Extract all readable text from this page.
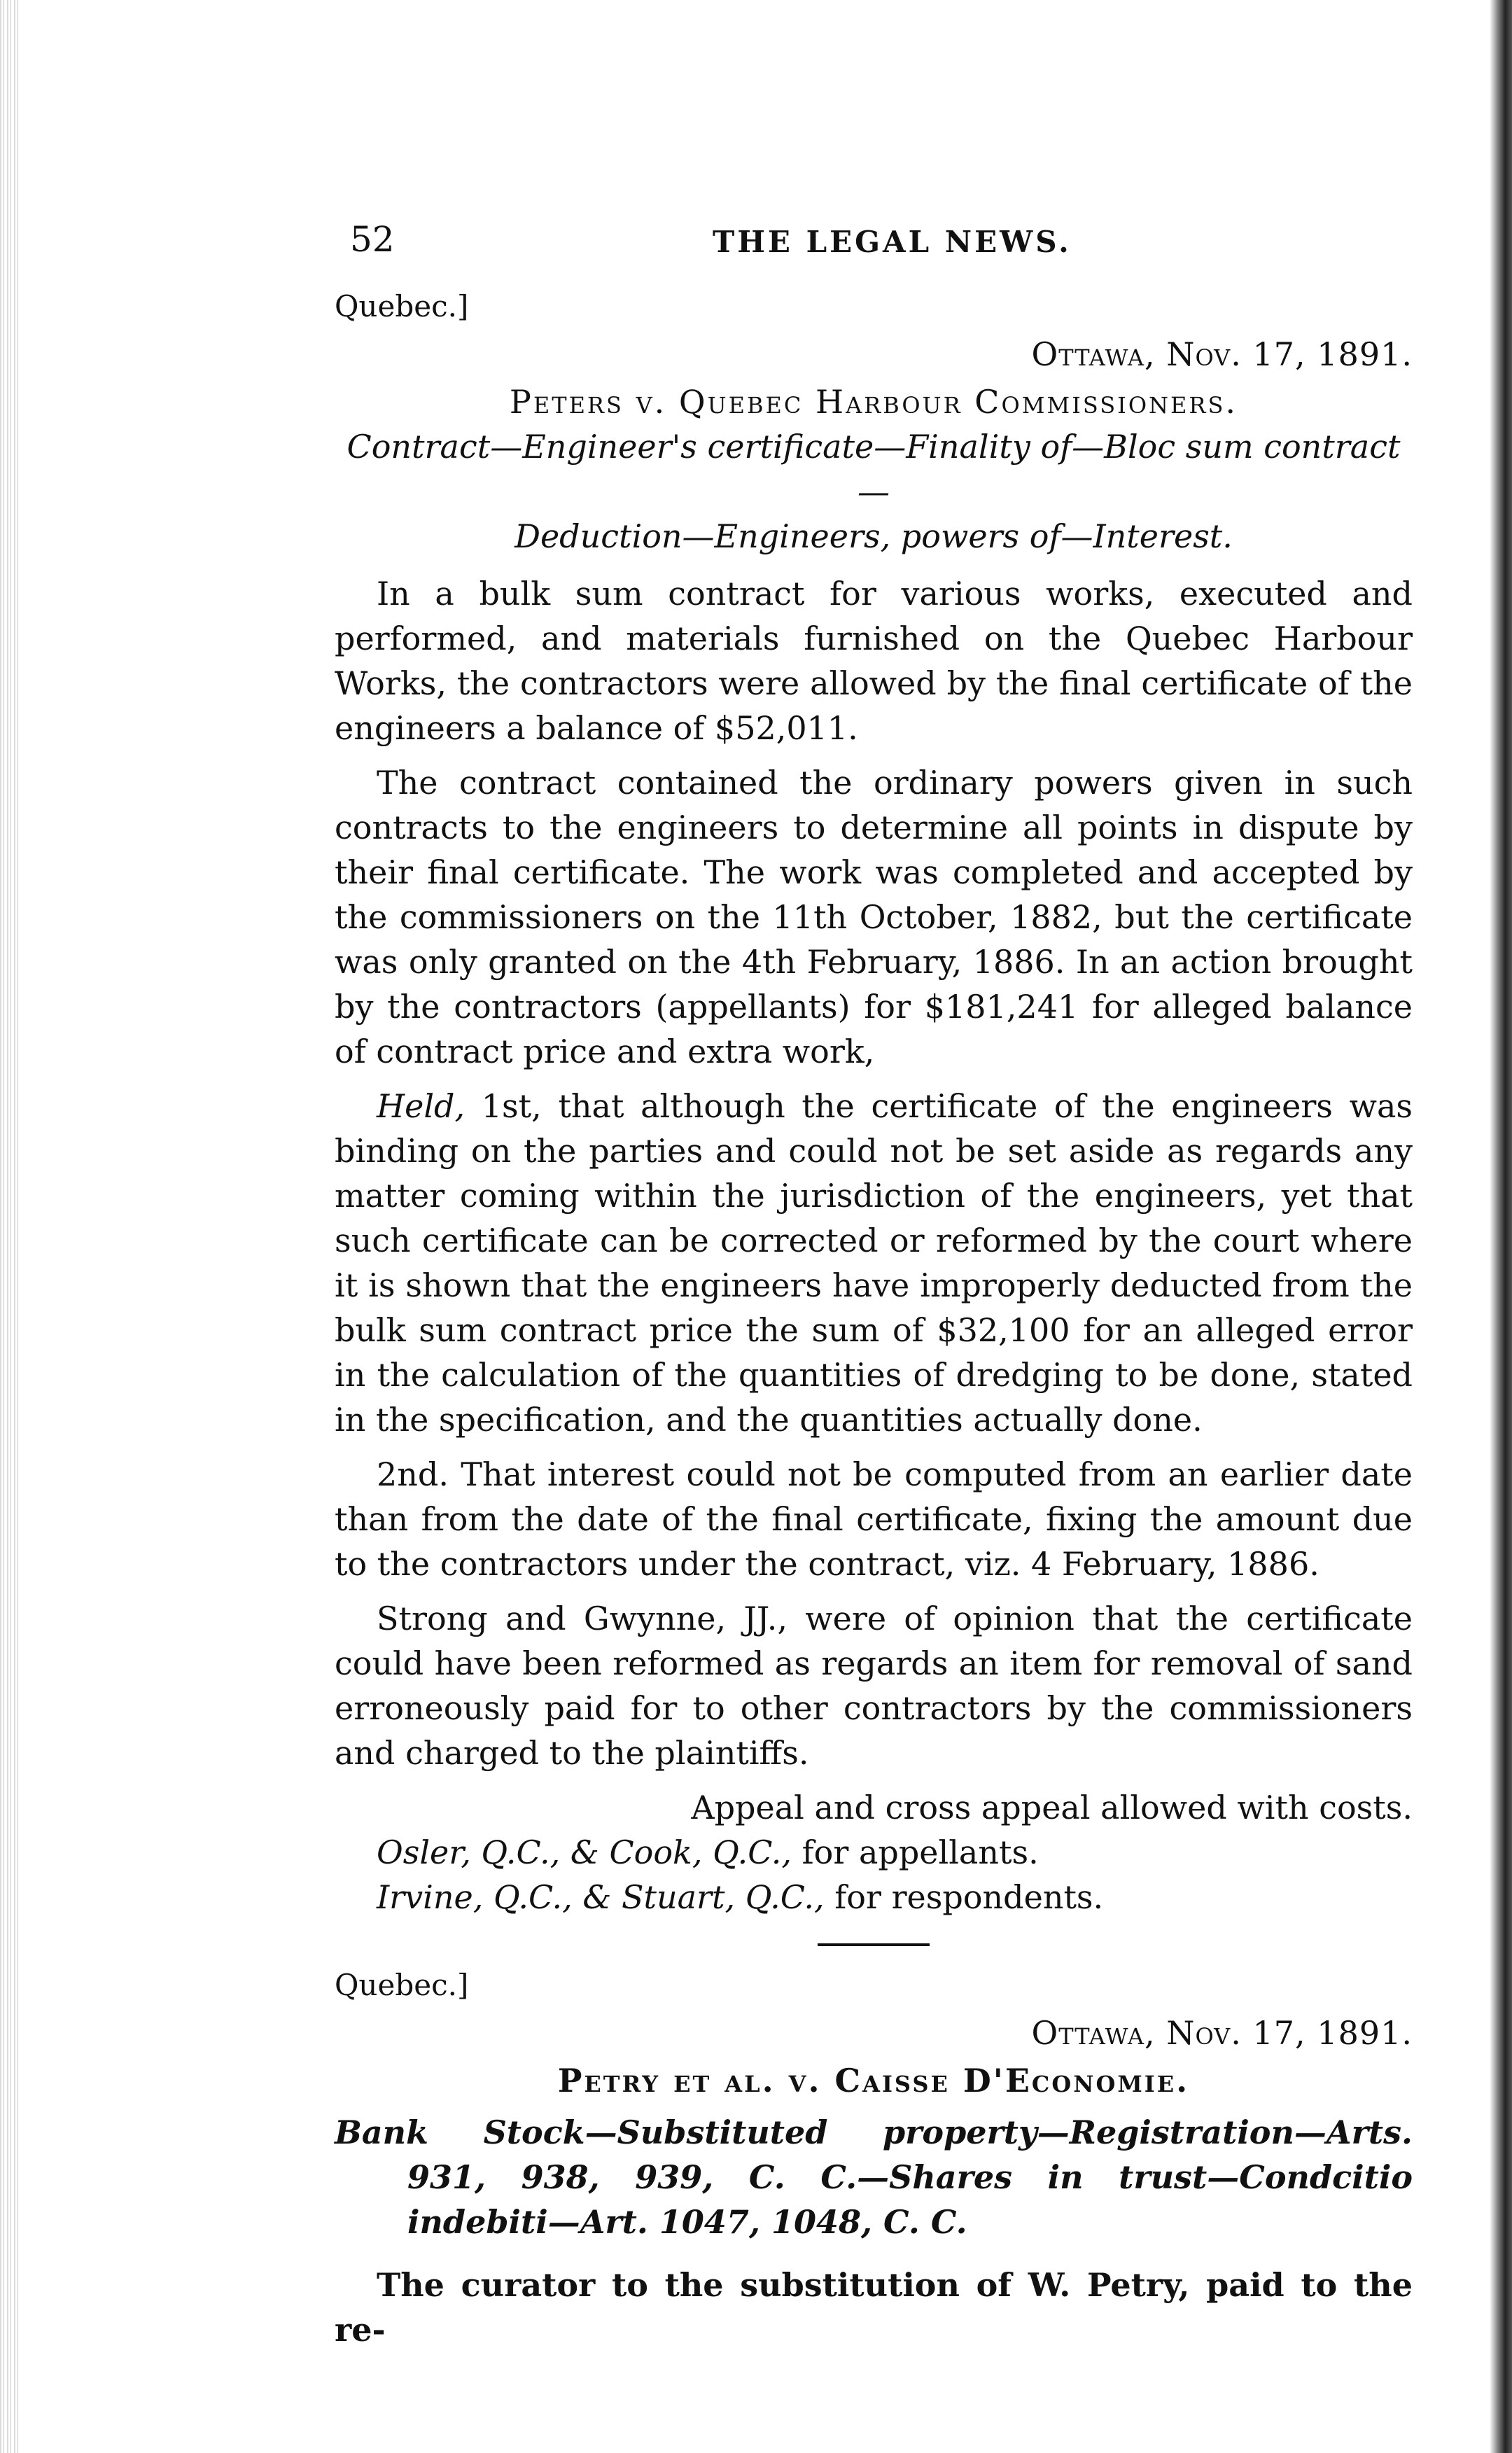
52	THE LEGAL NEWS.
Quebec.]
Ottawa, Nov. 17, 1891.
Peters v. Quebec Harbour Commissioners.
Contract—Engineer's certificate—Finality of—Bloc sum contract—
Deduction—Engineers, powers of—Interest.

In a bulk sum contract for various works, executed and performed, and materials furnished on the Quebec Harbour Works, the contractors were allowed by the final certificate of the engineers a balance of $52,011.

The contract contained the ordinary powers given in such contracts to the engineers to determine all points in dispute by their final certificate. The work was completed and accepted by the commissioners on the 11th October, 1882, but the certificate was only granted on the 4th February, 1886. In an action brought by the contractors (appellants) for $181,241 for alleged balance of contract price and extra work,

Held, 1st, that although the certificate of the engineers was binding on the parties and could not be set aside as regards any matter coming within the jurisdiction of the engineers, yet that such certificate can be corrected or reformed by the court where it is shown that the engineers have improperly deducted from the bulk sum contract price the sum of $32,100 for an alleged error in the calculation of the quantities of dredging to be done, stated in the specification, and the quantities actually done.

2nd. That interest could not be computed from an earlier date than from the date of the final certificate, fixing the amount due to the contractors under the contract, viz. 4 February, 1886.

Strong and Gwynne, JJ., were of opinion that the certificate could have been reformed as regards an item for removal of sand erroneously paid for to other contractors by the commissioners and charged to the plaintiffs.

Appeal and cross appeal allowed with costs.
Osler, Q.C., & Cook, Q.C., for appellants.
Irvine, Q.C., & Stuart, Q.C., for respondents.
Quebec.]
Ottawa, Nov. 17, 1891.
Petry et al. v. Caisse D'Economie.
Bank Stock—Substituted property—Registration—Arts. 931, 938, 939, C. C.—Shares in trust—Condcitio indebiti—Art. 1047, 1048, C. C.

The curator to the substitution of W. Petry, paid to the re-
